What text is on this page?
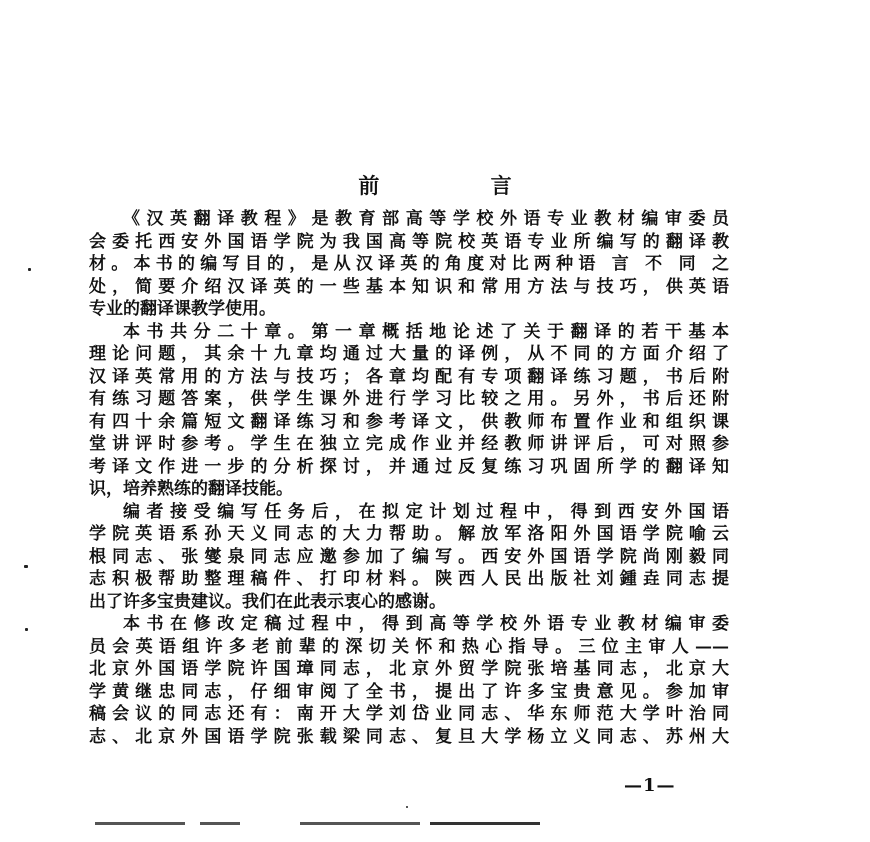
前 言
《汉英翻译教程》是教育部高等学校外语专业教材编审委员
会委托西安外国语学院为我国高等院校英语专业所编写的翻译教
材。本书的编写目的，是从汉译英的角度对比两种语 言 不 同 之
处，简要介绍汉译英的一些基本知识和常用方法与技巧，供英语
专业的翻译课教学使用。
本书共分二十章。第一章概括地论述了关于翻译的若干基本
理论问题，其余十九章均通过大量的译例，从不同的方面介绍了
汉译英常用的方法与技巧；各章均配有专项翻译练习题，书后附
有练习题答案，供学生课外进行学习比较之用。另外，书后还附
有四十余篇短文翻译练习和参考译文，供教师布置作业和组织课
堂讲评时参考。学生在独立完成作业并经教师讲评后，可对照参
考译文作进一步的分析探讨，并通过反复练习巩固所学的翻译知
识，培养熟练的翻译技能。
编者接受编写任务后，在拟定计划过程中，得到西安外国语
学院英语系孙天义同志的大力帮助。解放军洛阳外国语学院喻云
根同志、张燮泉同志应邀参加了编写。西安外国语学院尚刚毅同
志积极帮助整理稿件、打印材料。陕西人民出版社刘鍾垚同志提
出了许多宝贵建议。我们在此表示衷心的感谢。
本书在修改定稿过程中，得到高等学校外语专业教材编审委
员会英语组许多老前辈的深切关怀和热心指导。三位主审人——
北京外国语学院许国璋同志，北京外贸学院张培基同志，北京大
学黄继忠同志，仔细审阅了全书，提出了许多宝贵意见。参加审
稿会议的同志还有：南开大学刘岱业同志、华东师范大学叶治同
志、北京外国语学院张载梁同志、复旦大学杨立义同志、苏州大
—1—
